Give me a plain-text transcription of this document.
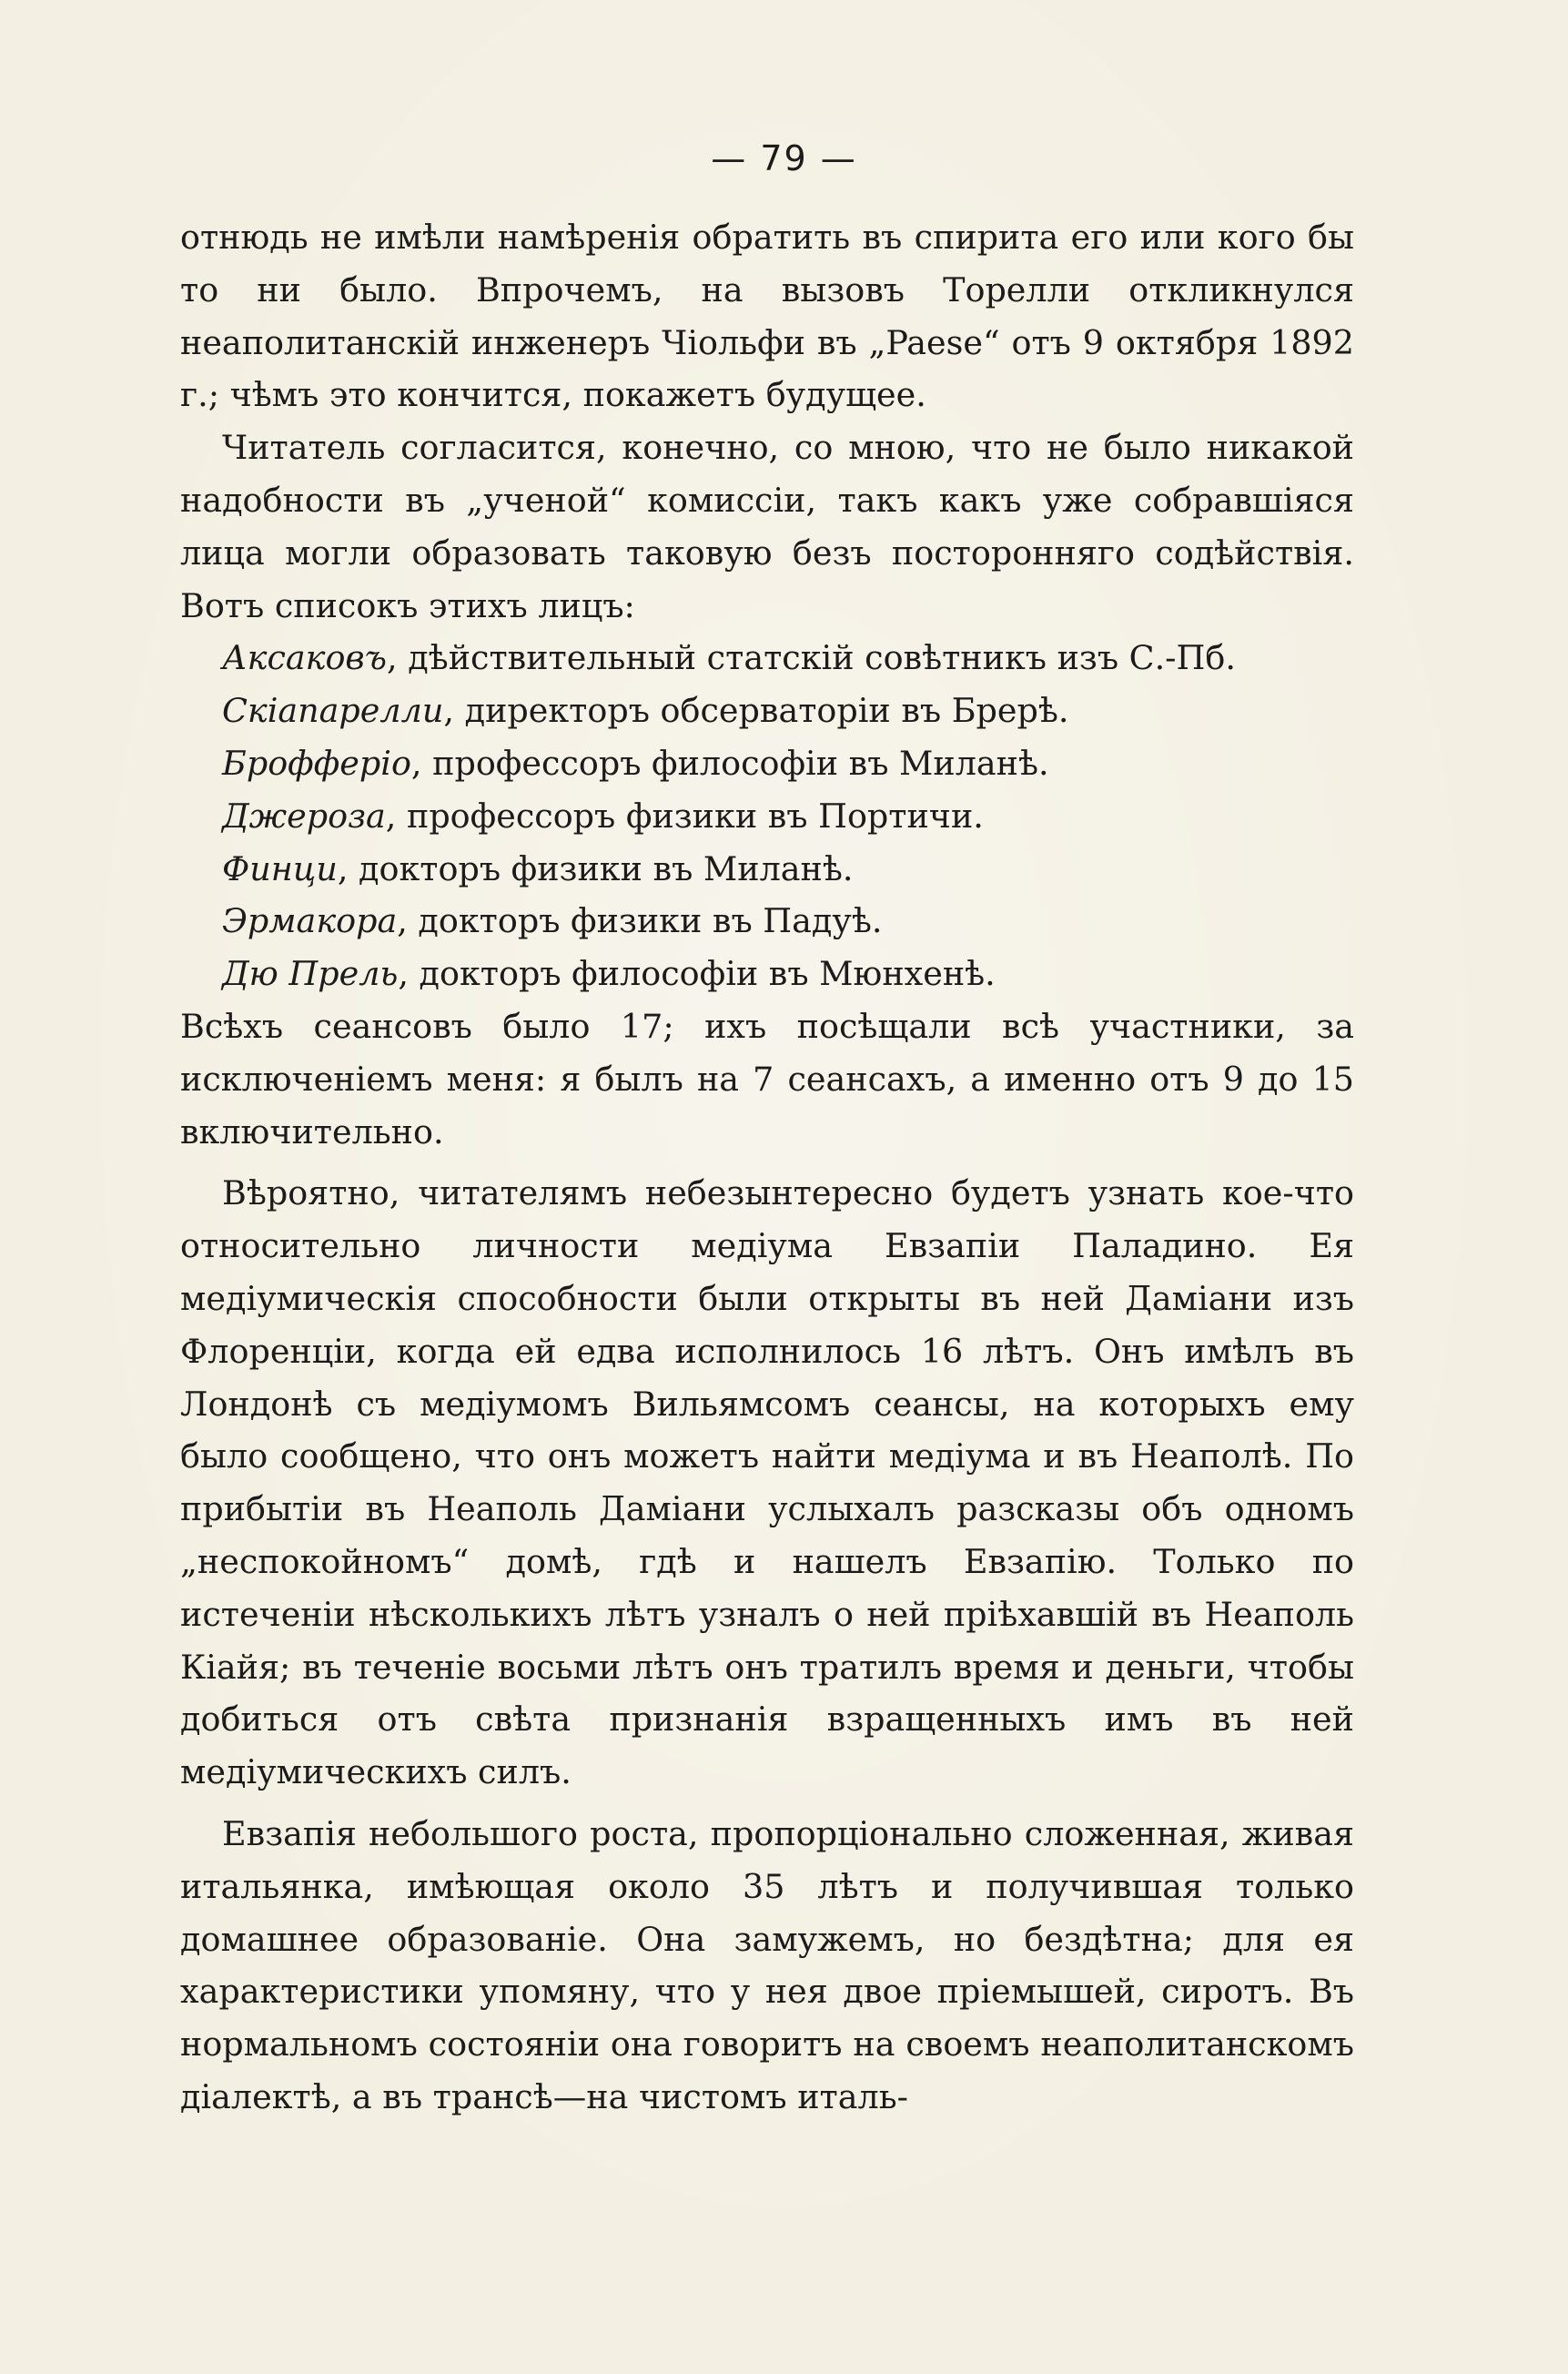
— 79 —

отнюдь не имѣли намѣренія обратить въ спирита его или кого бы то ни было. Впрочемъ, на вызовъ Торелли откликнулся неаполитанскій инженеръ Чіольфи въ „Paese“ отъ 9 октября 1892 г.; чѣмъ это кончится, покажетъ будущее.

Читатель согласится, конечно, со мною, что не было никакой надобности въ „ученой“ комиссіи, такъ какъ уже собравшіяся лица могли образовать таковую безъ посторонняго содѣйствія. Вотъ списокъ этихъ лицъ:

Аксаковъ, дѣйствительный статскій совѣтникъ изъ С.-Пб.

Скіапарелли, директоръ обсерваторіи въ Брерѣ.

Брофферіо, профессоръ философіи въ Миланѣ.

Джероза, профессоръ физики въ Портичи.

Финци, докторъ физики въ Миланѣ.

Эрмакора, докторъ физики въ Падуѣ.

Дю Прель, докторъ философіи въ Мюнхенѣ.

Всѣхъ сеансовъ было 17; ихъ посѣщали всѣ участники, за исключеніемъ меня: я былъ на 7 сеансахъ, а именно отъ 9 до 15 включительно.

Вѣроятно, читателямъ небезынтересно будетъ узнать кое-что относительно личности медіума Евзапіи Паладино. Ея медіумическія способности были открыты въ ней Даміани изъ Флоренціи, когда ей едва исполнилось 16 лѣтъ. Онъ имѣлъ въ Лондонѣ съ медіумомъ Вильямсомъ сеансы, на которыхъ ему было сообщено, что онъ можетъ найти медіума и въ Неаполѣ. По прибытіи въ Неаполь Даміани услыхалъ разсказы объ одномъ „неспокойномъ“ домѣ, гдѣ и нашелъ Евзапію. Только по истеченіи нѣсколькихъ лѣтъ узналъ о ней пріѣхавшій въ Неаполь Кіайя; въ теченіе восьми лѣтъ онъ тратилъ время и деньги, чтобы добиться отъ свѣта признанія взращенныхъ имъ въ ней медіумическихъ силъ.

Евзапія небольшого роста, пропорціонально сложенная, живая итальянка, имѣющая около 35 лѣтъ и получившая только домашнее образованіе. Она замужемъ, но бездѣтна; для ея характеристики упомяну, что у нея двое пріемышей, сиротъ. Въ нормальномъ состояніи она говоритъ на своемъ неаполитанскомъ діалектѣ, а въ трансѣ—на чистомъ италь-
